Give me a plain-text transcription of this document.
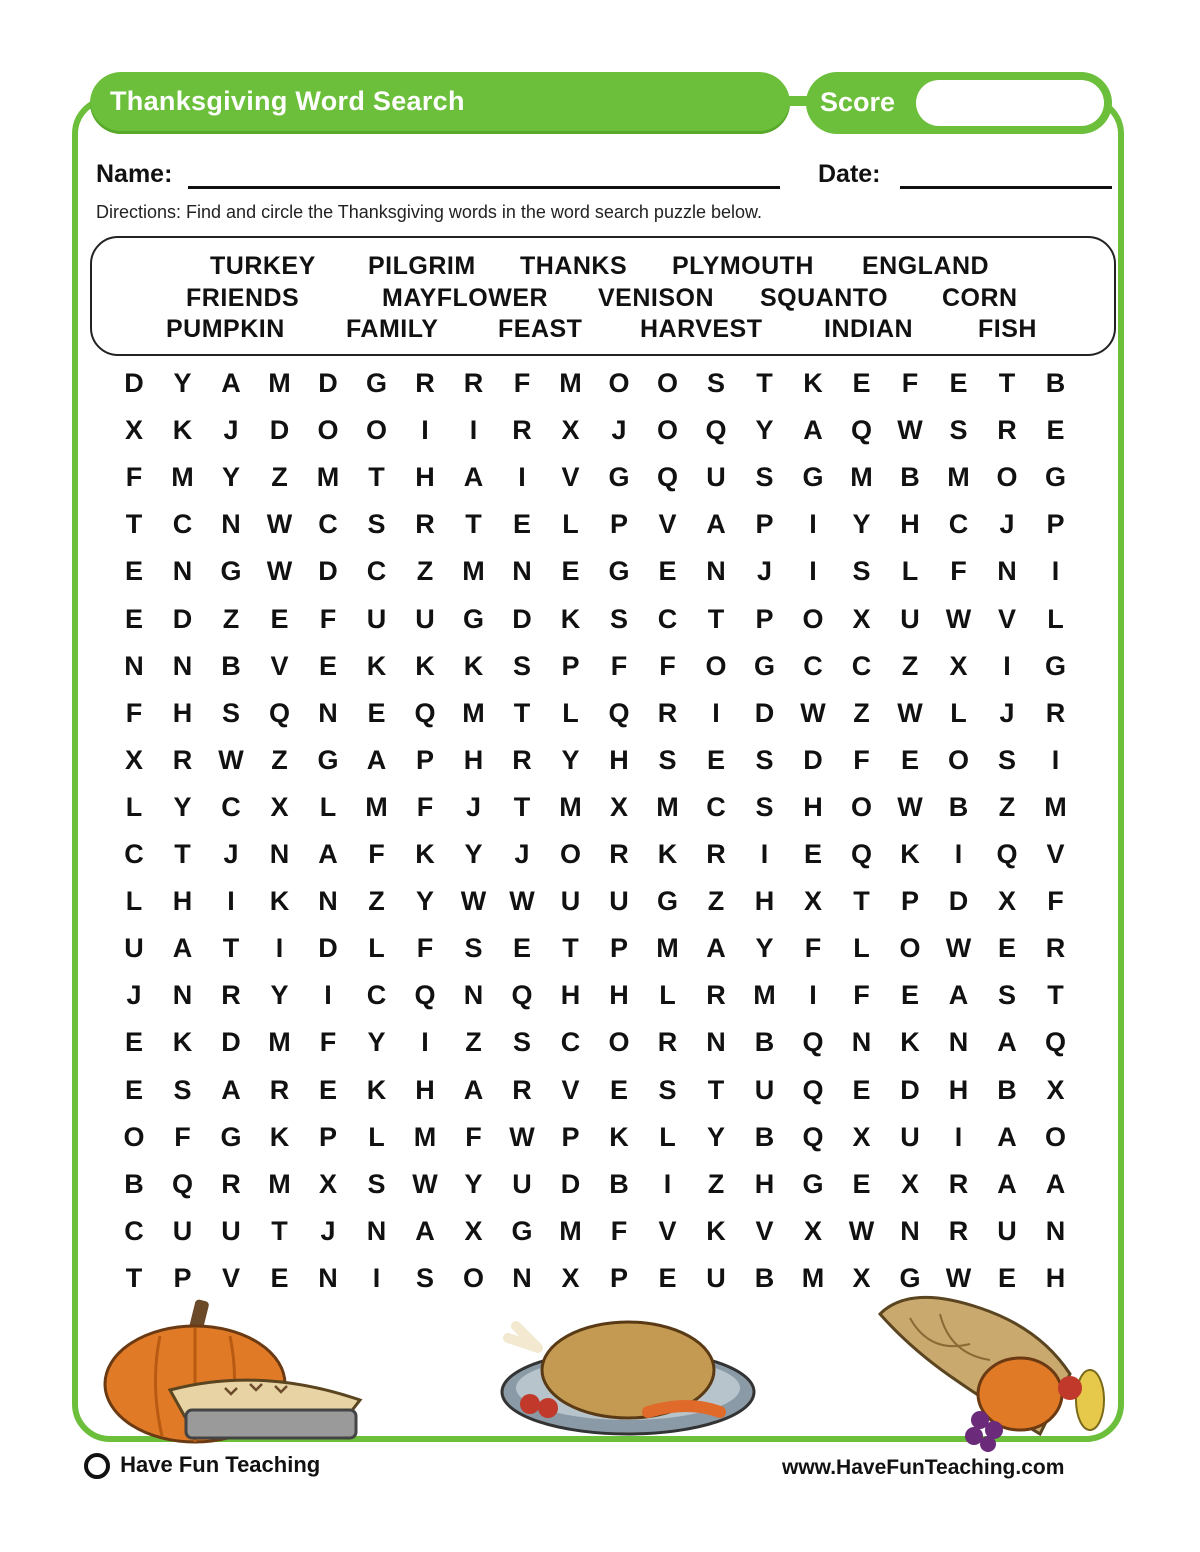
Thanksgiving Word Search	Score
Name:	Date:
Directions: Find and circle the Thanksgiving words in the word search puzzle below.
TURKEY PILGRIM THANKS PLYMOUTH ENGLAND
FRIENDS	MAYFLOWER VENISON SQUANTO CORN
PUMPKIN FAMILY FEAST HARVEST INDIAN	FISH
D	Y	A	M	D	G	R	R	F	M O	O	S	T	K	E	F	E	T	B
X	K	J	D	O	O	I	I	R	X	J	O	Q	Y	A	Q W S	R	E
F	M	Y	Z	M	T	H	A	I	V	G	Q	U	S	G M	B	M O	G
T	C	N W C	S	R	T	E	L	P	V	A	P	I	Y	H	C	J	P
E	N	G W D	C	Z	M	N	E	G	E	N	J	I	S	L	F	N	I
E	D	Z	E	F	U	U	G	D	K	S	C	T	P	O	X	U W V	L
N	N	B	V	E	K	K	K	S	P	F	F	O	G	C	C	Z	X	I	G
F	H	S	Q	N	E	Q M	T	L	Q	R	I	D W	Z	W	L	J	R
X	R W	Z	G	A	P	H	R	Y	H	S	E	S	D	F	E	O	S	I
L	Y	C	X	L	M	F	J	T	M	X	M	C	S	H	O W B	Z	M
C	T	J	N	A	F	K	Y	J	O	R	K	R	I	E	Q	K	I	Q	V
L	H	I	K	N	Z	Y W W U	U	G	Z	H	X	T	P	D	X	F
U	A	T	I	D	L	F	S	E	T	P	M	A	Y	F	L	O W E	R
J	N	R	Y	I	C	Q	N	Q	H	H	L	R	M	I	F	E	A	S	T
E	K	D	M	F	Y	I	Z	S	C	O	R	N	B	Q	N	K	N	A	Q
E	S	A	R	E	K	H	A	R	V	E	S	T	U	Q	E	D	H	B	X
O	F	G	K	P	L	M	F	W P	K	L	Y	B	Q	X	U	I	A	O
B	Q	R	M	X	S W Y	U	D	B	I	Z	H	G	E	X	R	A	A
C	U	U	T	J	N	A	X	G M	F	V	K	V	X W N	R	U	N
T	P	V	E	N	I	S	O	N	X	P	E	U	B	M	X	G W E	H
Have Fun Teaching	www.HaveFunTeaching.com
